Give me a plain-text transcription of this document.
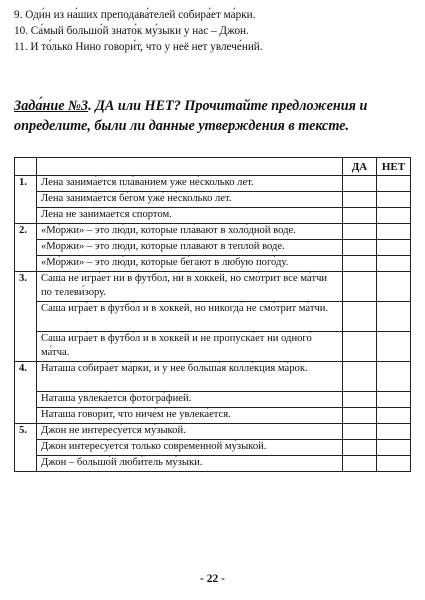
9. Оди́н из на́ших преподава́телей собира́ет ма́рки.
10. Са́мый большо́й знато́к му́зыки у нас – Джон.
11. И то́лько Нино говори́т, что у неё нет увлече́ний.
Зада́ние №3. ДА или НЕТ? Прочитайте предложения и определите, были ли данные утверждения в тексте.
		ДА	НЕТ
1.	Лена занима́ется пла́ванием уже не́сколько лет.		
	Лена занима́ется бе́гом уже́ не́сколько лет.		
	Лена не занимается спортом.		
2.	«Мо́ржи» – это лю́ди, которые пла́вают в холо́дной воде.		
	«Моржи» – это люди, которые плавают в теплой воде.		
	«Мо́ржи» – это лю́ди, которые бе́гают в любую пого́ду.		
3.	Саша не игра́ет ни в футбол, ни в хоккей, но смо́трит все ма́тчи по телеви́зору.		
	Саша игра́ет в футбо́л и в хоккей, но никогда́ не смо́трит ма́тчи.		
	Саша игра́ет в футбо́л и в хокке́й и не пропуска́ет ни одного́ ма́тча.		
4.	Наташа собира́ет ма́рки, и у нее больша́я колле́кция ма́рок.		
	Наташа увлека́ется фотогра́фией.		
	Наташа говори́т, что ниче́м не увлека́ется.		
5.	Джон не интересу́ется му́зыкой.		
	Джон интересу́ется только совреме́нной му́зыкой.		
	Джон – большо́й люби́тель му́зыки.		
- 22 -
